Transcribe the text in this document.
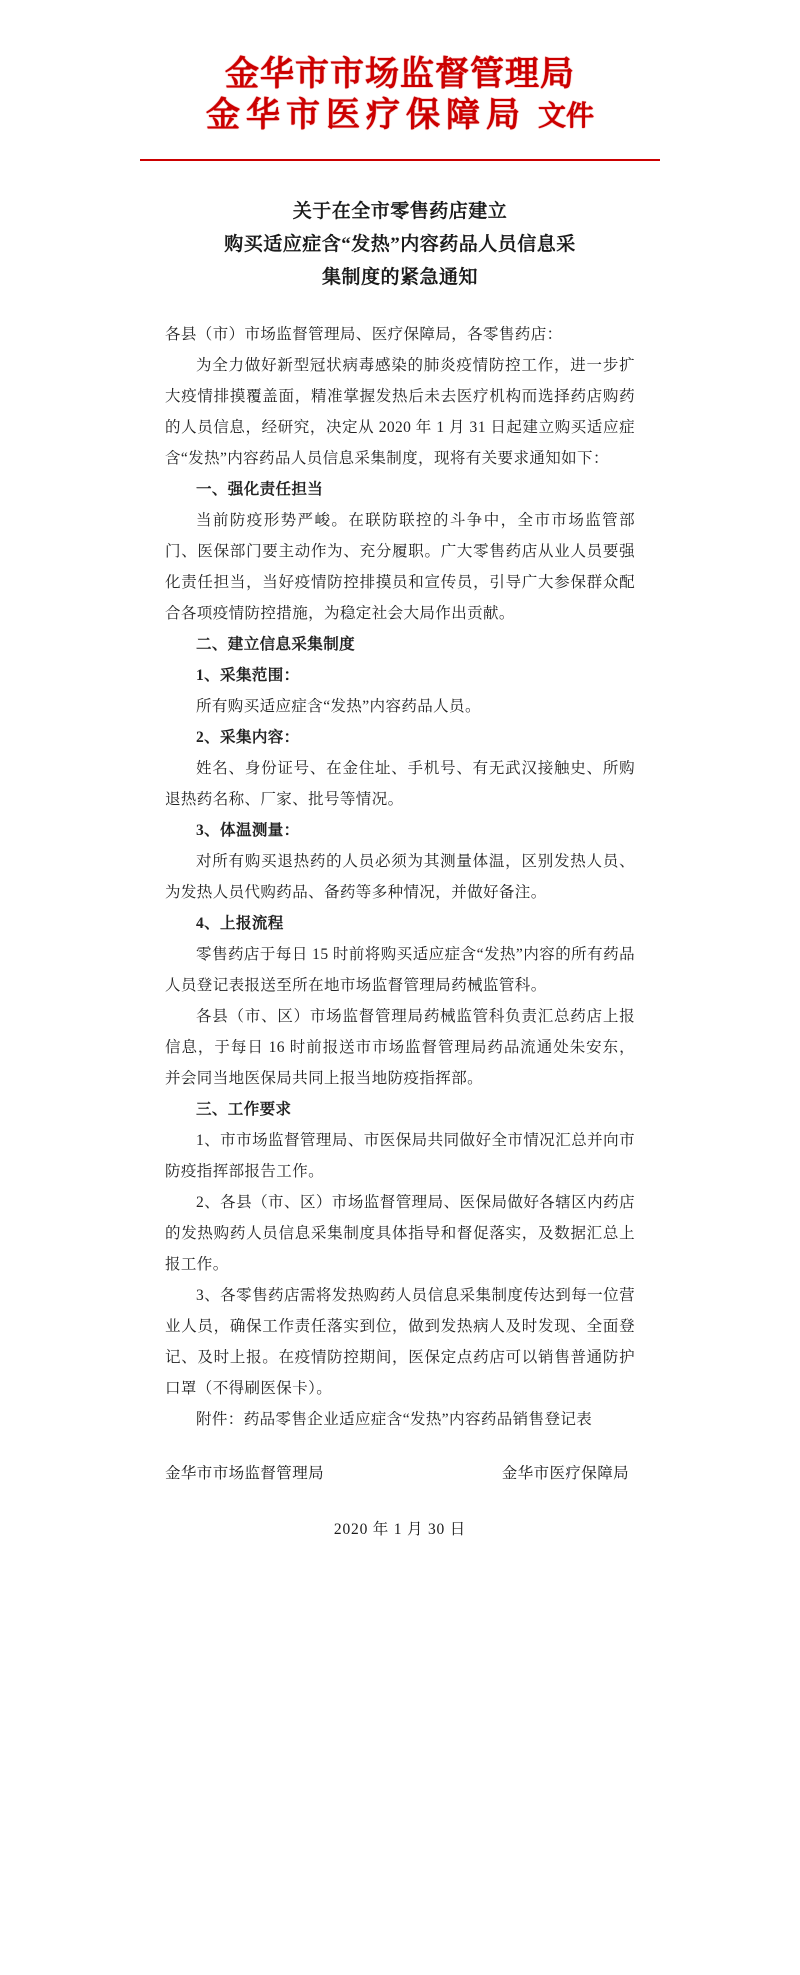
金华市市场监督管理局
金华市医疗保障局 文件
关于在全市零售药店建立
购买适应症含“发热”内容药品人员信息采
集制度的紧急通知

各县（市）市场监督管理局、医疗保障局，各零售药店：

为全力做好新型冠状病毒感染的肺炎疫情防控工作，进一步扩大疫情排摸覆盖面，精准掌握发热后未去医疗机构而选择药店购药的人员信息，经研究，决定从 2020 年 1 月 31 日起建立购买适应症含“发热”内容药品人员信息采集制度，现将有关要求通知如下：

一、强化责任担当

当前防疫形势严峻。在联防联控的斗争中，全市市场监管部门、医保部门要主动作为、充分履职。广大零售药店从业人员要强化责任担当，当好疫情防控排摸员和宣传员，引导广大参保群众配合各项疫情防控措施，为稳定社会大局作出贡献。

二、建立信息采集制度

1、采集范围：

所有购买适应症含“发热”内容药品人员。

2、采集内容：

姓名、身份证号、在金住址、手机号、有无武汉接触史、所购退热药名称、厂家、批号等情况。

3、体温测量：

对所有购买退热药的人员必须为其测量体温，区别发热人员、为发热人员代购药品、备药等多种情况，并做好备注。

4、上报流程

零售药店于每日 15 时前将购买适应症含“发热”内容的所有药品人员登记表报送至所在地市场监督管理局药械监管科。

各县（市、区）市场监督管理局药械监管科负责汇总药店上报信息，于每日 16 时前报送市市场监督管理局药品流通处朱安东，并会同当地医保局共同上报当地防疫指挥部。

三、工作要求

1、市市场监督管理局、市医保局共同做好全市情况汇总并向市防疫指挥部报告工作。

2、各县（市、区）市场监督管理局、医保局做好各辖区内药店的发热购药人员信息采集制度具体指导和督促落实，及数据汇总上报工作。

3、各零售药店需将发热购药人员信息采集制度传达到每一位营业人员，确保工作责任落实到位，做到发热病人及时发现、全面登记、及时上报。在疫情防控期间，医保定点药店可以销售普通防护口罩（不得刷医保卡）。

附件：药品零售企业适应症含“发热”内容药品销售登记表

金华市市场监督管理局	金华市医疗保障局
2020 年 1 月 30 日
